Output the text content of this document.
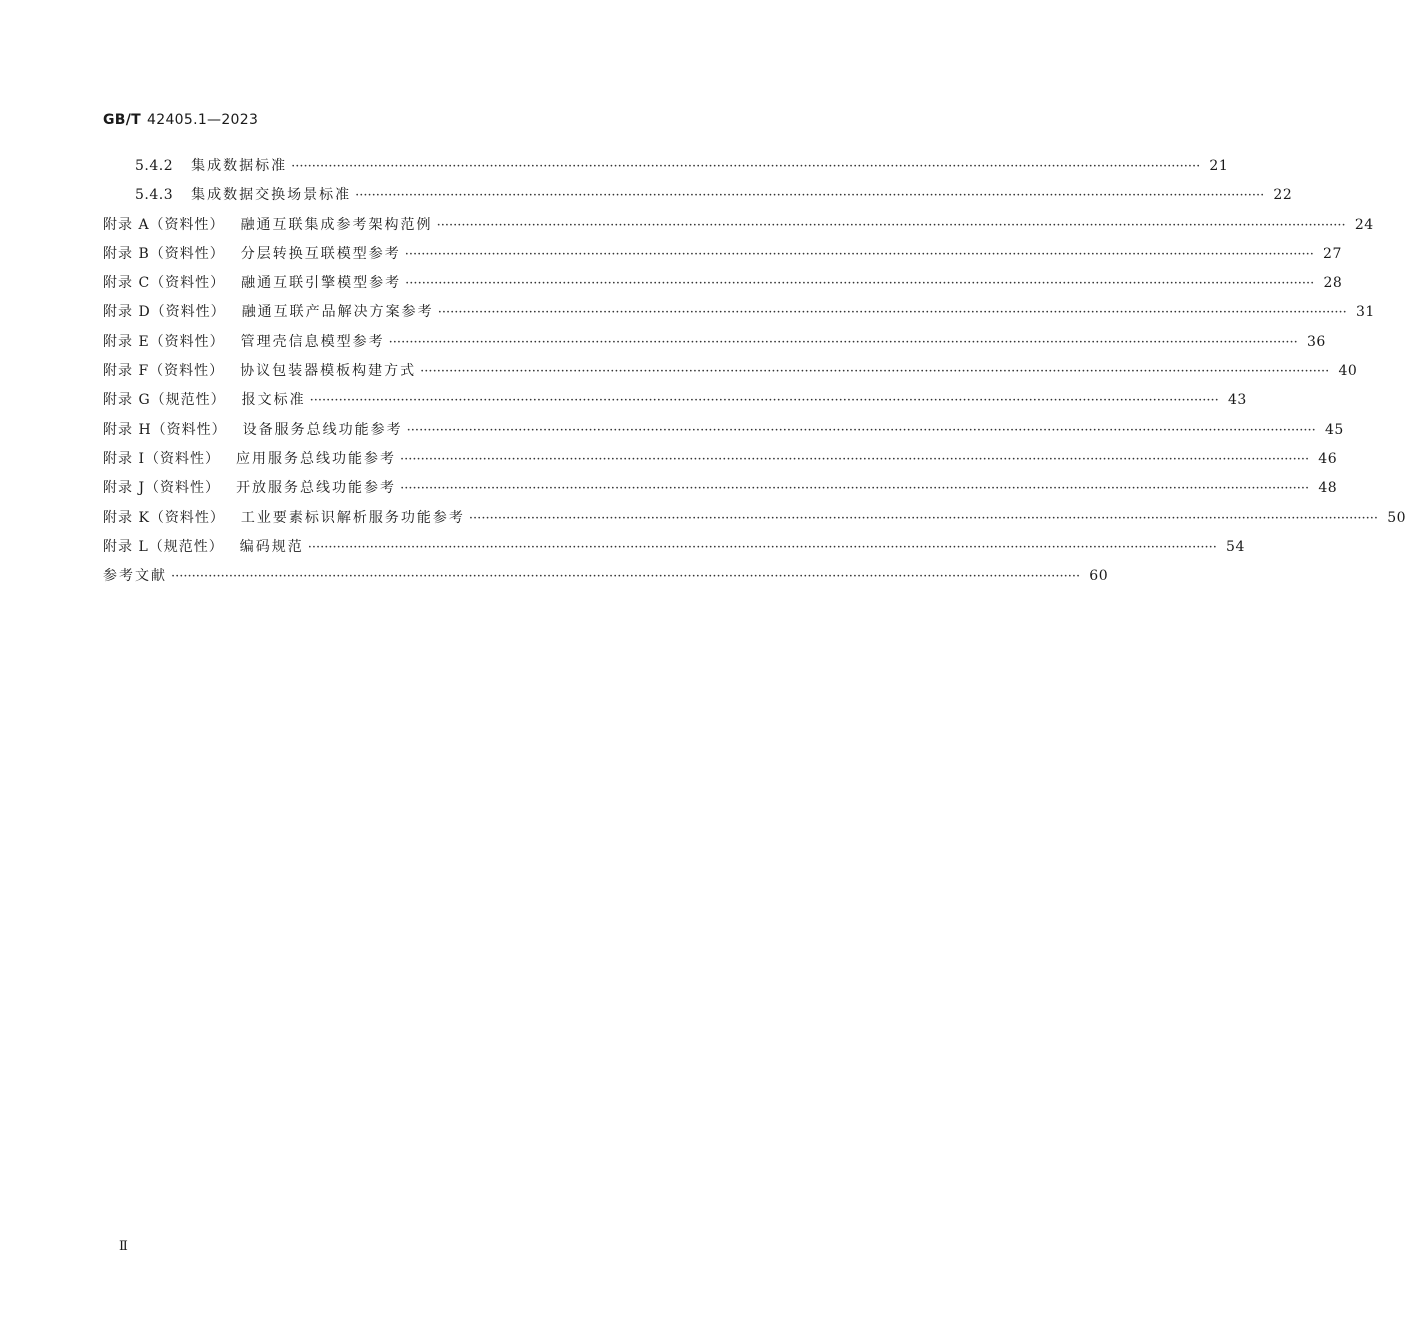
GB/T 42405.1—2023
5.4.2 集成数据标准 ···························································································································································································································· 21
5.4.3 集成数据交换场景标准 ···························································································································································································································· 22
附录 A（资料性） 融通互联集成参考架构范例 ···························································································································································································································· 24
附录 B（资料性） 分层转换互联模型参考 ···························································································································································································································· 27
附录 C（资料性） 融通互联引擎模型参考 ···························································································································································································································· 28
附录 D（资料性） 融通互联产品解决方案参考 ···························································································································································································································· 31
附录 E（资料性） 管理壳信息模型参考 ···························································································································································································································· 36
附录 F（资料性） 协议包装器模板构建方式 ···························································································································································································································· 40
附录 G（规范性） 报文标准 ···························································································································································································································· 43
附录 H（资料性） 设备服务总线功能参考 ···························································································································································································································· 45
附录 I（资料性） 应用服务总线功能参考 ···························································································································································································································· 46
附录 J（资料性） 开放服务总线功能参考 ···························································································································································································································· 48
附录 K（资料性） 工业要素标识解析服务功能参考 ···························································································································································································································· 50
附录 L（规范性） 编码规范 ···························································································································································································································· 54
参考文献 ···························································································································································································································· 60
Ⅱ
